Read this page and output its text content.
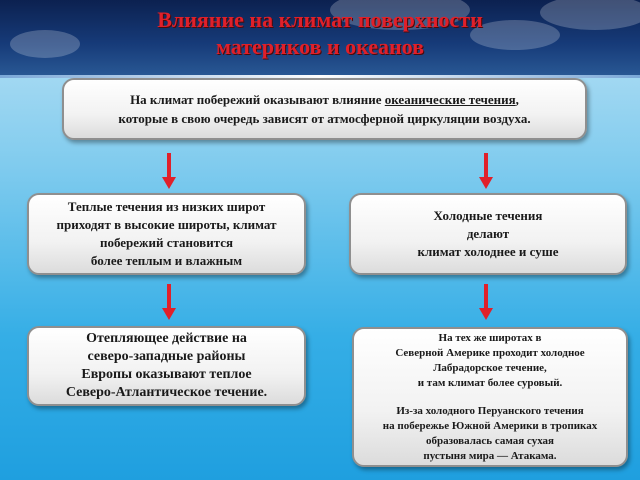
Влияние на климат поверхности
материков и океанов
На климат побережий оказывают влияние океанические течения,
которые в свою очередь зависят от атмосферной циркуляции воздуха.
Теплые течения из низких широт
приходят в высокие широты, климат
побережий становится
более теплым и влажным
Холодные течения
делают
климат холоднее и суше
Отепляющее действие на
северо-западные районы
Европы оказывают теплое
Северо-Атлантическое течение.
На тех же широтах в
Северной Америке проходит холодное
Лабрадорское течение,
и там климат более суровый.
Из-за холодного Перуанского течения
на побережье Южной Америки в тропиках
образовалась самая сухая
пустыня мира — Атакама.
